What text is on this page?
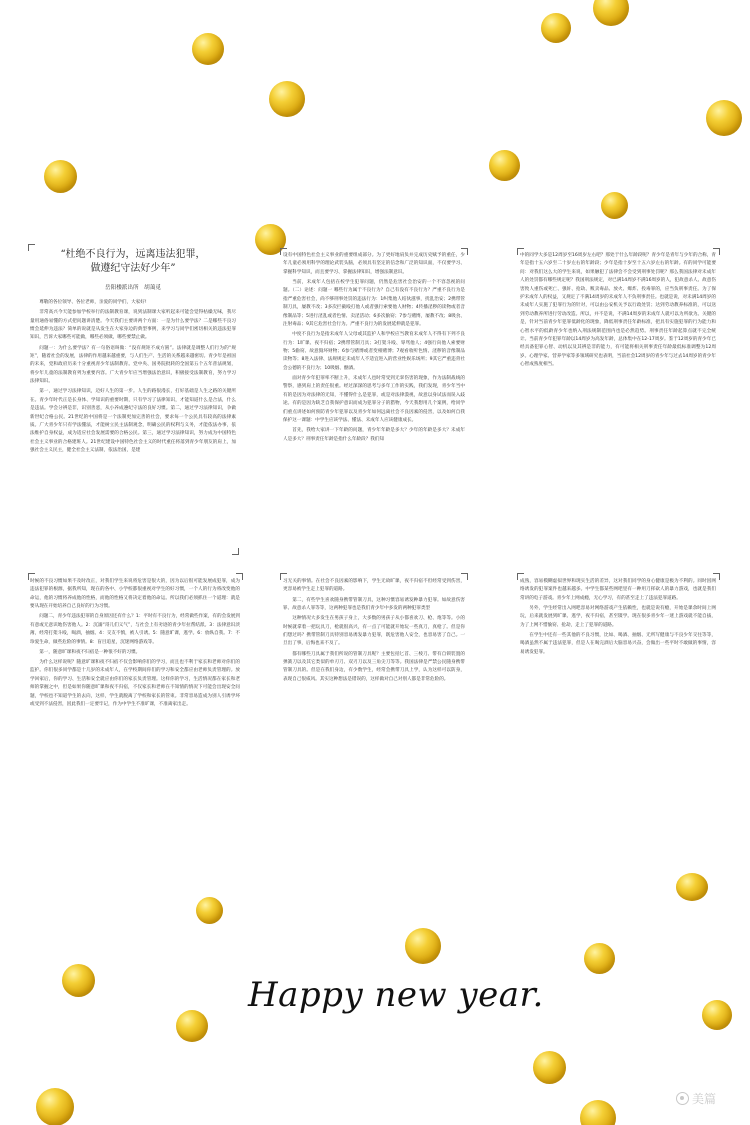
“杜绝不良行为，远离违法犯罪，
做遵纪守法好少年”
岳阳楼派出所　胡蔼觅

尊敬的各位领导、各位老师，亲爱的同学们，大家好!

非常高兴今天能参加学校举行的法制教育课，说到法制课大家听起来可能会觉得枯燥无味，我尽量用通俗易懂的方式把问题讲清楚。今天我们主要讲两个方面：一是为什么要学法？二是哪些不良习惯会延伸为违法？简单的说就是从发生在大家身边的典型事例，来学习与同学们密切相关的违法犯罪知识，告诉大家哪些可能做，哪些必须做，哪些要禁止做。

问题一：为什么要学法？有一句俗语叫做：“没有规矩不成方圆”。法律就是调整人们行为的“规矩”，随着社会的发展，法律的作用越来越重要，与人们生产、生活的关系越来越密切。青少年是祖国的未来，党和政府历来十分重视青少年法制教育。党中央、国务院批转的全国第五个五年普法规划，将少年儿童的法制教育列为重要内容。广大青少年应当增强法治意识，积极接受法制教育，努力学习法律知识。

第一，通过学习法律知识，迈好人生的第一步。人生的路很漫长，打好基础是人生之路的关键所在。青少年时代正是长身体、学知识的重要时期，只有学习了法律知识，才能知道什么是合法，什么是违法。学会分辨是非，识别善恶，从小养成遵纪守法的良好习惯。第二，通过学习法律知识，争做新世纪合格公民。21世纪的中国将是一个法制更加完善的社会，要求每一个公民具有较高的法律素质。广大青少年只有学法懂法，才能树立民主法制观念，明确公民的权利与义务，才能依法办事，依法维护自身权益，成为适应社会发展需要的合格公民。第三，通过学习法律知识，努力成为中国特色社会主义事业的合格建班人。21世纪建设中国特色社会主义的时代重任将落到青少年朋友的肩上，加强社会主义民主，健全社会主义法制，依法治国，是建

设有中国特色社会主义事业的重要组成部分。为了更好地肩负并完成历史赋予的重任，少年儿童必须用科学的理论武装头脑，必须具有坚定的信念和广泛的知识面，不仅要学习、掌握科学知识，而且要学习、掌握法律知识，增强法制意识。

当前，未成年人包括在校学生犯罪问题，仍然是危害社会治安的一个不容忽视的问题。（二）论述：问题一 哪些行为属于不良行为？自己有没有不良行为？严重不良行为是指严重危害社会，尚不够刑事处罚的违法行为：1纠集他人结伙滋事，扰乱治安；2携带管制刀具，屡教不改；3多次拦截殴打他人或者强行索要他人财物；4传播淫秽的读物或者音像制品等；5进行淫乱或者色情、卖淫活动；6多次偷窃；7参与赌博，屡教不改；8吸食、注射毒品；9其它危害社会行为。严重不良行为的发展延伸就是犯罪。

中度不良行为是指未成年人父母或其监护人和学校应当教育未成年人不得有下列不良行为：1旷课、夜不归宿；2携带管制刀具；3打架斗殴、辱骂他人；4强行向他人索要财物；5偷窃、故意毁坏财物；6参与赌博或者变相赌博；7观看收听色情、淫秽的音像制品读物等；8进入法律、法规规定未成年人不适宜进入的营业性娱乐场所；9其它严重违背社会公德的不良行为；10吸烟、酗酒。

面对青少年犯罪率不断上升，未成年人也时常受到无辜伤害的现象，作为法制战线的警察，感到肩上的责任很重。经过深深的思考与多年工作的实践，我们发现，青少年当中有的是因为对法律的无知，不懂得什么是犯罪，或是对法律漠视，故意以身试法而误入歧途。有的是因为缺乏自我保护意识而成为犯罪分子的猎物，今天我想用几个案例，给同学们重点讲述如何预防青少年犯罪以及青少年如何远离社会不良因素的侵害，以及如何自我保护这一课题：中学生应该学法、懂法、未成年人应该健康成长。

首先，我给大家讲一下年龄的问题，青少年年龄是多大？少年的年龄是多大？未成年人是多大？刑事责任年龄是指什么年龄段？我们知

中的同学大多是12周岁至16周岁左右吧？那处于什么年龄段呢？青少年是青年与少年的合称，青年是指十五六岁至二十岁左右的年龄段；少年是指十岁至十五六岁左右的年龄。有的同学可能要问：对我们这么大的学生来说，如果触犯了法律会不会受到刑事处罚呢？那么我国法律对未成年人的处罚都有哪些规定呢？我国刑法规定，对已满14周岁不满16周岁的人，犯故意杀人、故意伤害致人重伤或死亡、强奸、抢劫、贩卖毒品、放火、爆炸、投毒罪的，应当负刑事责任。为了保护未成年人的权益，又规定了不满14周岁的未成年人不负刑事责任。也就是说，对未满14周岁的未成年人实施了犯罪行为的针对，可以由公安机关予以行政处罚；达到劳动教养标准的，可以送到劳动教养所进行劳动改造。所以，并不是说，不满14周岁的未成年人就可以为所欲为。关键的是，针对当前青少年犯罪低龄化的现象，降低刑事责任年龄标准，把具有实施犯罪的行为能力和心智水平的低龄青少年也纳入刑法规制范围内也是必然趋势。刑事责任年龄起算点就不完全统计。当前青少年犯罪年龄以14周岁为高发年龄，总体集中在12-17周岁。鉴于12周岁的青少年已经具备犯罪心智、动机以及其辨是非的能力，有可能将相关刑事责任年龄最低标准调整为12周岁。心理学家、营养学家等多领域研究也表明，当前社会12周岁的青少年与过去14周岁的青少年心智成熟度相当。

时候的不良习惯如果不及时改正，对我们学生来说将危害是很大的，因为以后很可能发展成犯罪，成为违法犯罪的根源，据我所知，现在的各中、小学校都很重视对学生的好习惯，一个人的行为将改变他的命运，他的习惯将养成他的性格，而他的性格又将决定着他的命运。所以我们必须抓住一个道理：就是要从现在开始培养自己良好的行为习惯。

问题二，青少年违法犯罪的自身原因还有什么？1：平时有不良行为，经常做些作案，有的会发展到有意或无意识地伤害他人。2：沉溺“哥儿们义气”，与社会上有劣迹的青少年拉帮结派。3：法律意识淡薄，经常打架斗殴，喝酒，抽烟。4：交友不慎，被人引诱。5：随意旷课，逃学。6：放纵自我。7：不珍爱生命，做些危险的事情。8：盲目追星，沉迷网络游戏等。

第一，随意旷课和夜不归宿是一种很不好的习惯。

为什么这样说呢？随意旷课和夜不归宿不仅会影响你们的学习，而且也不利于家长和老师对你们的监护。你们很多同学都是十几岁的未成年人，在学校期间你们的学习和安全都应由老师负责管理的。放学回家后，你的学习、生活和安全就应由你们的家长负责管理。这样你的学习，生活情况都在家长和老师的掌握之中，但是如果你随意旷课和夜不归宿，不仅家长和老师在不知情的情况下可能会出现安全问题，学校也不知道学生的去向，这样，学生就脱离了学校和家长的管束。非常容易造成为别人引诱学坏或受到不法侵害，因此我们一定要牢记，作为中学生不准旷课，不准离家出走。

习无关的事情。在社会不良因素的影响下，学生无故旷课，夜不归宿不但经常受到伤害，更容易被学生走上犯罪的道路。

第二，有些学生喜欢随身携带管制刀具，这种习惯容易诱发种暴力犯罪。如故意伤害罪、故意杀人罪等等，这两种犯罪也是我们青少年中多发的两种犯罪类型

这种情况大多发生在男孩子身上，大多数的男孩子从小都喜欢刀、枪、炮等等。小的时候就拿着一把玩具刀，枪就很高兴，有一点了可能就开始玩一些真刀，真枪了。但是你们想过吗？携带管制刀具特别容易诱发暴力犯罪，既危害他人安全，也容易害了自己。一旦出了事，后悔也来不及了。

都有哪些刀具属于我们所说的管制刀具呢？主要包括匕首、三棱刀、带有自锁装置的弹簧刀以及其它类似的单刃刀、双刃刀以及三角尖刀等等。我国法律是严禁公民随身携带管制刀具的。但是在我们身边，有少数学生，经常会携带刀具上学，认为这样可以防身，表现自己很威风。其实这种想法是错误的，这样做对自己对别人都是非常危险的。

成熟，容易模糊虚拟世界和现实生活的差异，这对我们同学的身心健康是极为不利的。同时因网络诱发的犯罪案件也越来越多。中学生都某些网吧里有一种用刀挥砍人的暴力游戏，也就是我们常讲的电子游戏。青少年上网成瘾，无心学习，有的甚至走上了违法犯罪道路。

另外，学生经常出入网吧容易对网络游戏产生依赖性，也就是说有瘾，开始是课余时间上网玩，后来就发展到旷课、逃学，夜不归宿，甚至辍学。现在很多青少年一迷上游戏就不能自拔，为了上网不惜偷窃、抢劫，走上了犯罪的道路。

在学生中还有一些其他的不良习惯，比如、喝酒、抽烟、无所写健康与不良少年交往等等，喝酒虽然不属于违法犯罪，但是人在喝完酒后大脑容易兴奋，会做出一些平时不敢做的事情，容易诱发犯罪。

Happy new year.
美篇
